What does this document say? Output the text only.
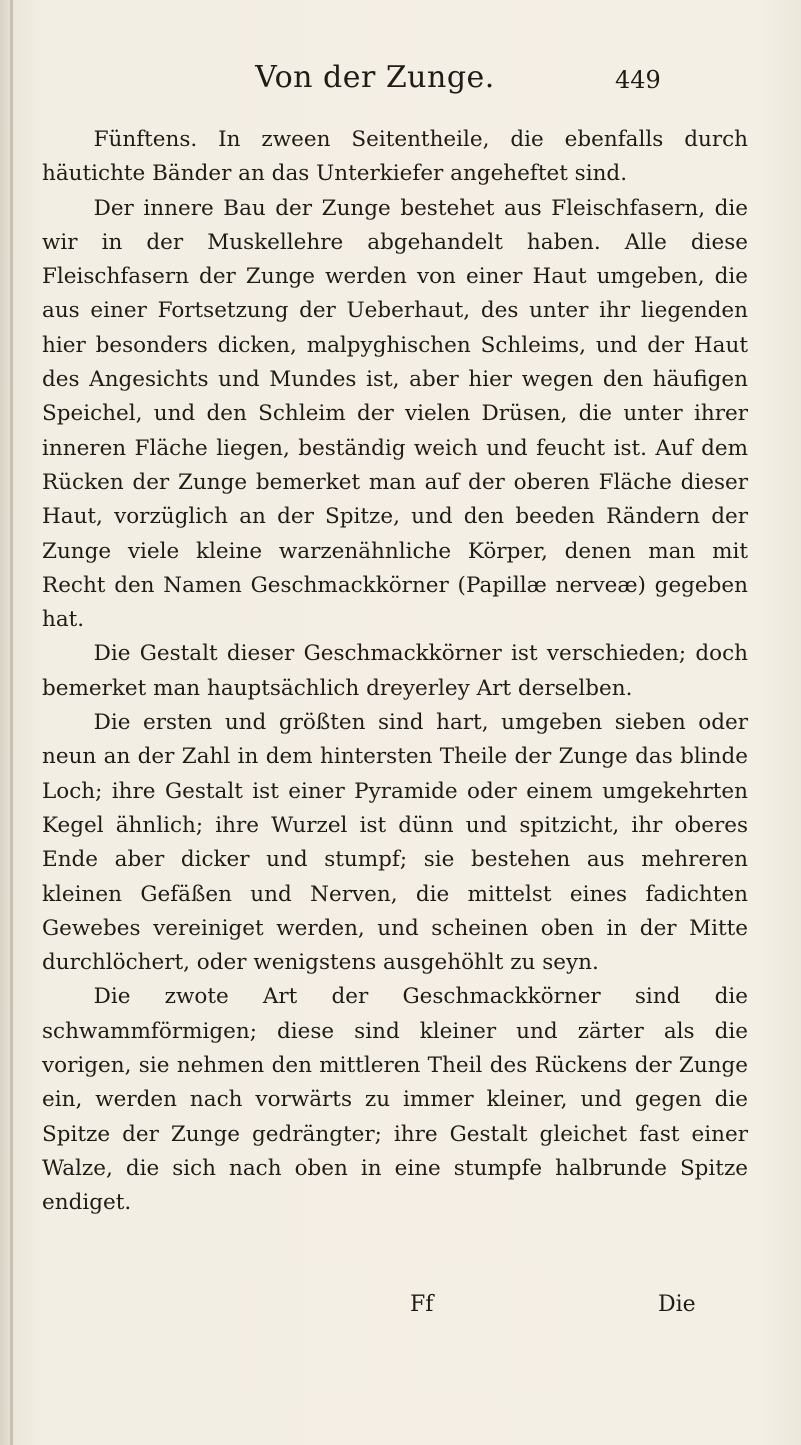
Von der Zunge.	449

Fünftens. In zween Seitentheile, die ebenfalls durch häutichte Bänder an das Unterkiefer angeheftet sind.

Der innere Bau der Zunge bestehet aus Fleischfasern, die wir in der Muskellehre abgehandelt haben. Alle diese Fleischfasern der Zunge werden von einer Haut umgeben, die aus einer Fortsetzung der Ueberhaut, des unter ihr liegenden hier besonders dicken, malpyghischen Schleims, und der Haut des Angesichts und Mundes ist, aber hier wegen den häufigen Speichel, und den Schleim der vielen Drüsen, die unter ihrer inneren Fläche liegen, beständig weich und feucht ist. Auf dem Rücken der Zunge bemerket man auf der oberen Fläche dieser Haut, vorzüglich an der Spitze, und den beeden Rändern der Zunge viele kleine warzenähnliche Körper, denen man mit Recht den Namen Geschmackkörner (Papillæ nerveæ) gegeben hat.

Die Gestalt dieser Geschmackkörner ist verschieden; doch bemerket man hauptsächlich dreyerley Art derselben.

Die ersten und größten sind hart, umgeben sieben oder neun an der Zahl in dem hintersten Theile der Zunge das blinde Loch; ihre Gestalt ist einer Pyramide oder einem umgekehrten Kegel ähnlich; ihre Wurzel ist dünn und spitzicht, ihr oberes Ende aber dicker und stumpf; sie bestehen aus mehreren kleinen Gefäßen und Nerven, die mittelst eines fadichten Gewebes vereiniget werden, und scheinen oben in der Mitte durchlöchert, oder wenigstens ausgehöhlt zu seyn.

Die zwote Art der Geschmackkörner sind die schwammförmigen; diese sind kleiner und zärter als die vorigen, sie nehmen den mittleren Theil des Rückens der Zunge ein, werden nach vorwärts zu immer kleiner, und gegen die Spitze der Zunge gedrängter; ihre Gestalt gleichet fast einer Walze, die sich nach oben in eine stumpfe halbrunde Spitze endiget.

Ff	Die
